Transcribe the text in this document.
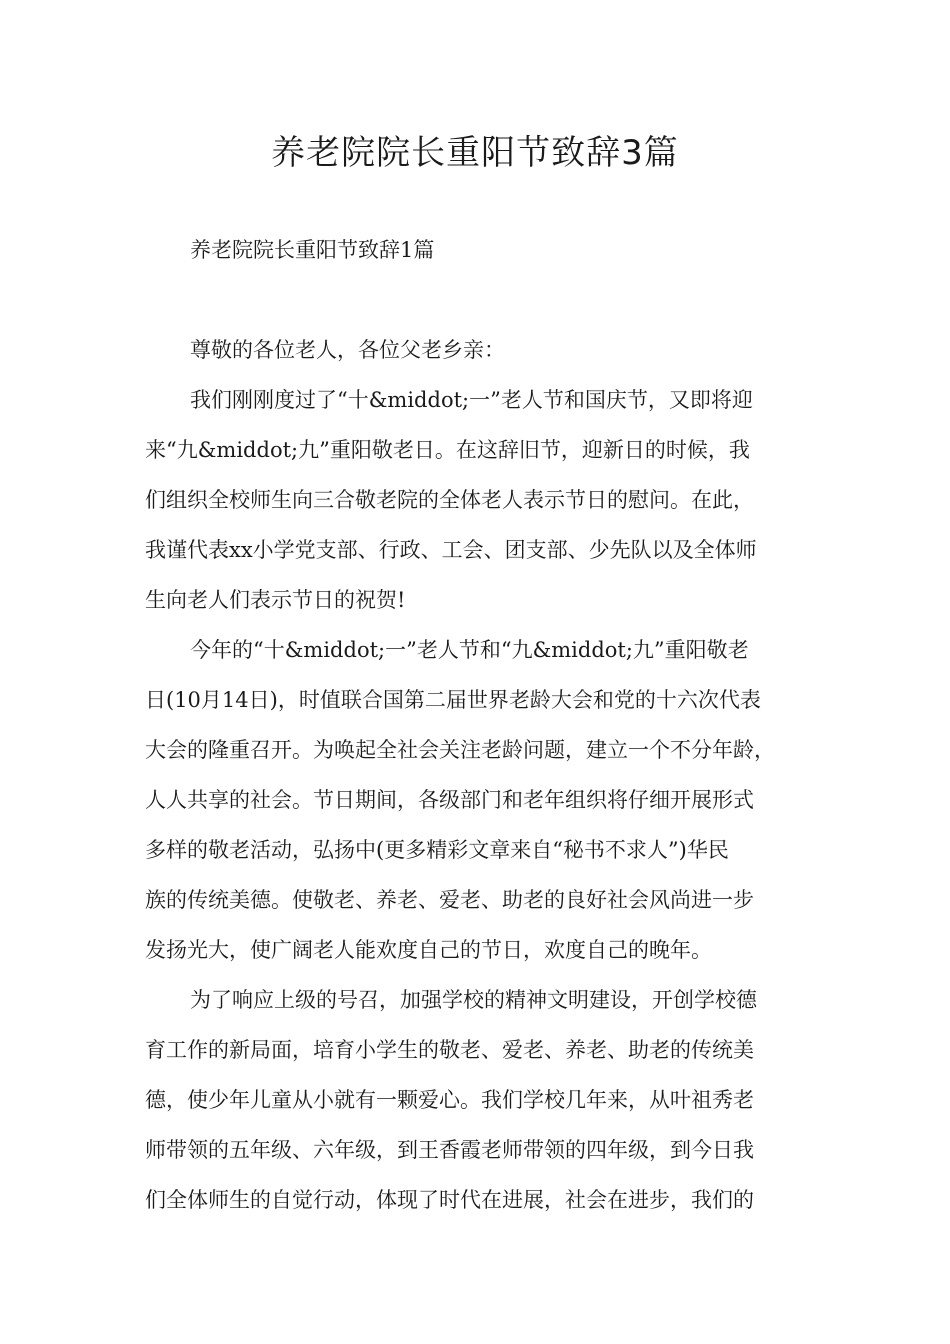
养老院院长重阳节致辞3篇

养老院院长重阳节致辞1篇

尊敬的各位老人，各位父老乡亲：

我们刚刚度过了“十&middot;一”老人节和国庆节，又即将迎

来“九&middot;九”重阳敬老日。在这辞旧节，迎新日的时候，我

们组织全校师生向三合敬老院的全体老人表示节日的慰问。在此，

我谨代表xx小学党支部、行政、工会、团支部、少先队以及全体师

生向老人们表示节日的祝贺!

今年的“十&middot;一”老人节和“九&middot;九”重阳敬老

日(10月14日)，时值联合国第二届世界老龄大会和党的十六次代表

大会的隆重召开。为唤起全社会关注老龄问题，建立一个不分年龄，

人人共享的社会。节日期间，各级部门和老年组织将仔细开展形式

多样的敬老活动，弘扬中(更多精彩文章来自“秘书不求人”)华民

族的传统美德。使敬老、养老、爱老、助老的良好社会风尚进一步

发扬光大，使广阔老人能欢度自己的节日，欢度自己的晚年。

为了响应上级的号召，加强学校的精神文明建设，开创学校德

育工作的新局面，培育小学生的敬老、爱老、养老、助老的传统美

德，使少年儿童从小就有一颗爱心。我们学校几年来，从叶祖秀老

师带领的五年级、六年级，到王香霞老师带领的四年级，到今日我

们全体师生的自觉行动，体现了时代在进展，社会在进步，我们的
